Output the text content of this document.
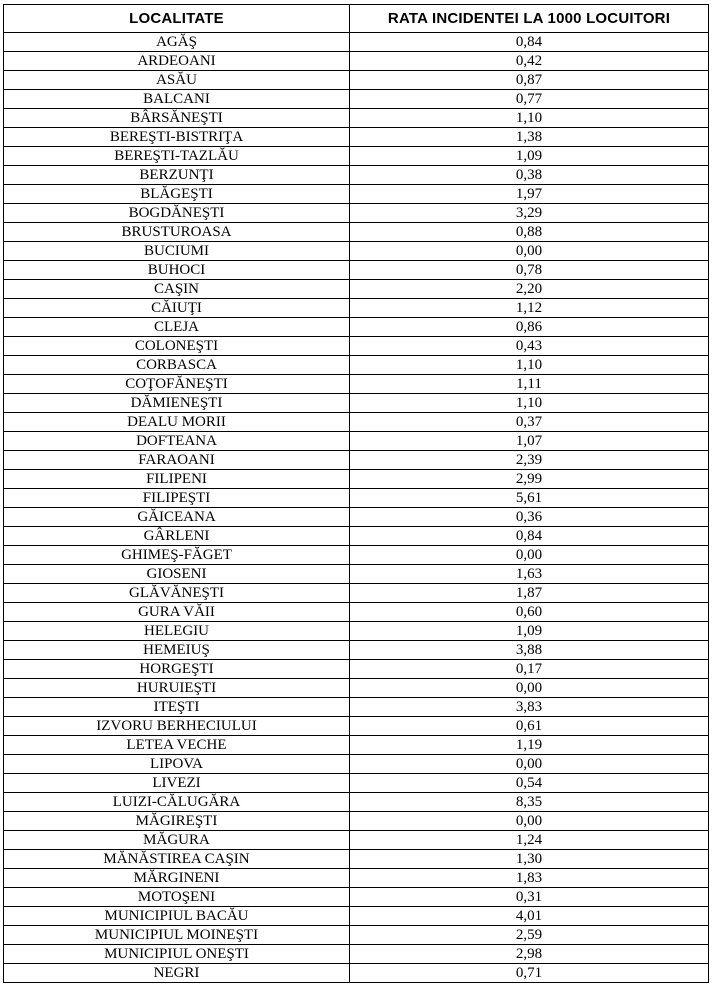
LOCALITATE	RATA INCIDENTEI LA 1000 LOCUITORI
AGĂŞ	0,84
ARDEOANI	0,42
ASĂU	0,87
BALCANI	0,77
BÂRSĂNEŞTI	1,10
BEREŞTI-BISTRIŢA	1,38
BEREŞTI-TAZLĂU	1,09
BERZUNŢI	0,38
BLĂGEŞTI	1,97
BOGDĂNEŞTI	3,29
BRUSTUROASA	0,88
BUCIUMI	0,00
BUHOCI	0,78
CAŞIN	2,20
CĂIUŢI	1,12
CLEJA	0,86
COLONEŞTI	0,43
CORBASCA	1,10
COŢOFĂNEŞTI	1,11
DĂMIENEŞTI	1,10
DEALU MORII	0,37
DOFTEANA	1,07
FARAOANI	2,39
FILIPENI	2,99
FILIPEŞTI	5,61
GĂICEANA	0,36
GÂRLENI	0,84
GHIMEŞ-FĂGET	0,00
GIOSENI	1,63
GLĂVĂNEŞTI	1,87
GURA VĂII	0,60
HELEGIU	1,09
HEMEIUŞ	3,88
HORGEŞTI	0,17
HURUIEŞTI	0,00
ITEŞTI	3,83
IZVORU BERHECIULUI	0,61
LETEA VECHE	1,19
LIPOVA	0,00
LIVEZI	0,54
LUIZI-CĂLUGĂRA	8,35
MĂGIREŞTI	0,00
MĂGURA	1,24
MĂNĂSTIREA CAŞIN	1,30
MĂRGINENI	1,83
MOTOŞENI	0,31
MUNICIPIUL BACĂU	4,01
MUNICIPIUL MOINEŞTI	2,59
MUNICIPIUL ONEŞTI	2,98
NEGRI	0,71
